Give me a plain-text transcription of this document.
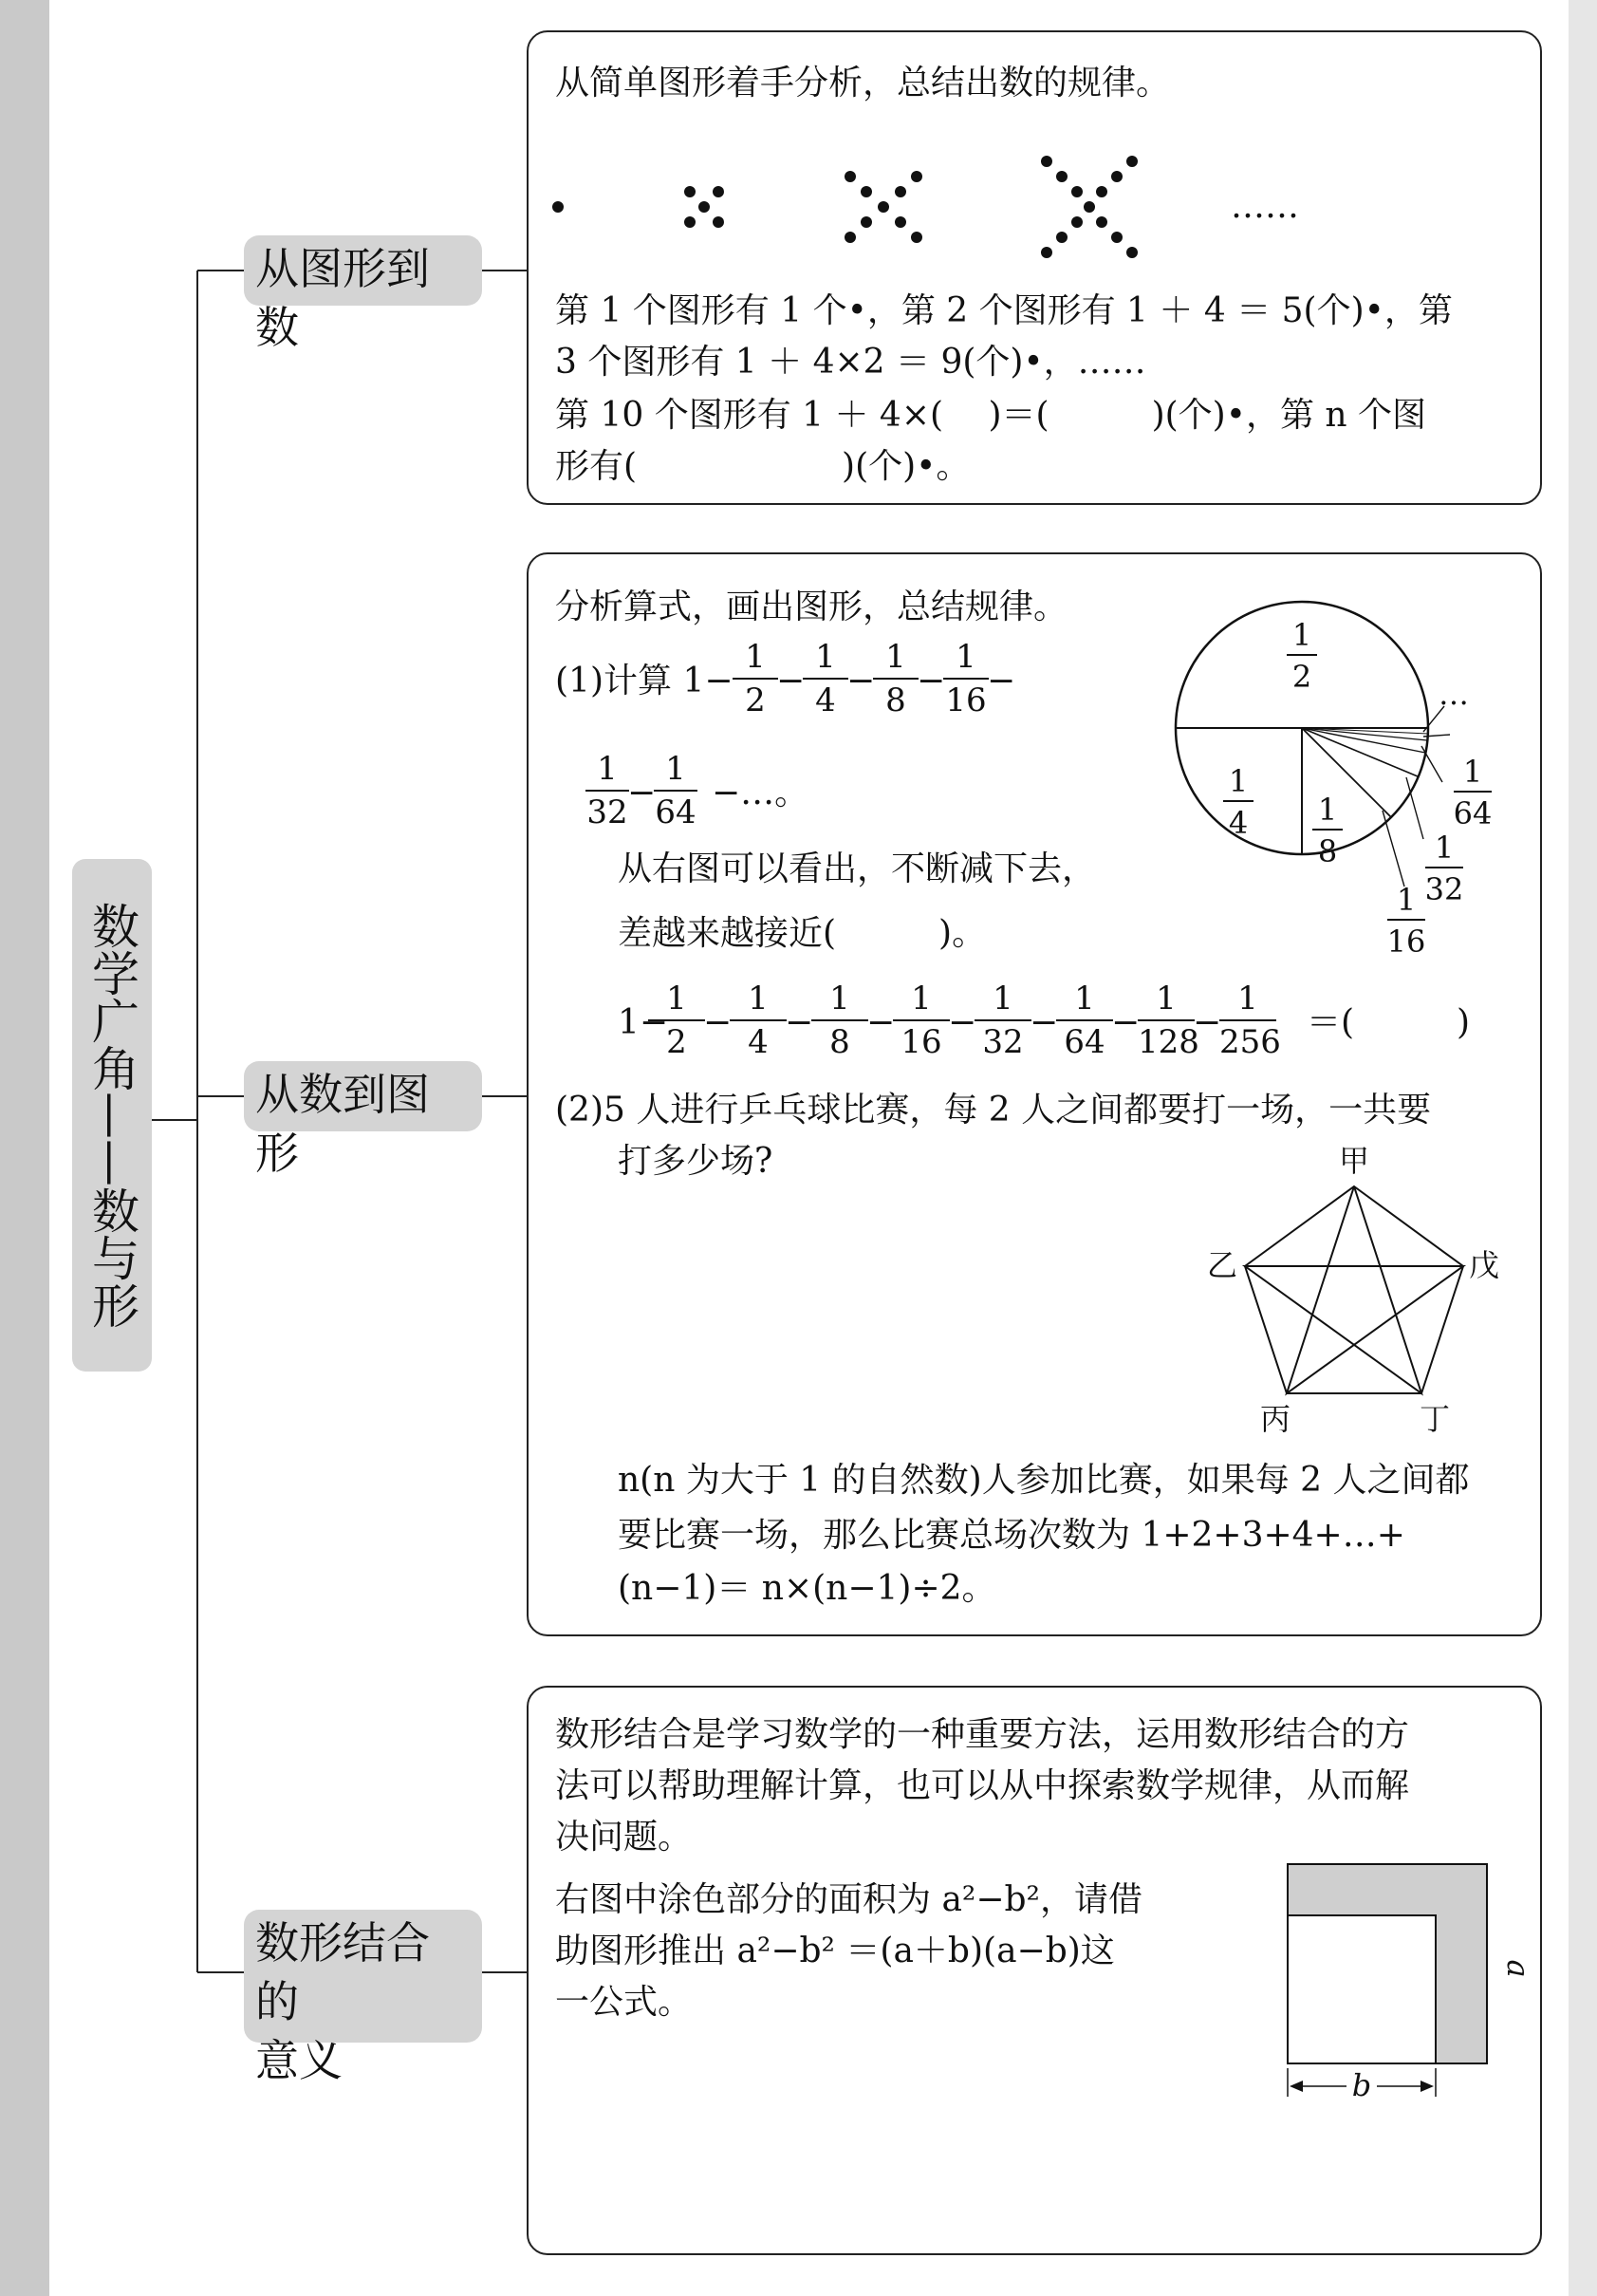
数学广角——数与形
从图形到数
从数到图形
数形结合的
意义
从简单图形着手分析，总结出数的规律。
……
第 1 个图形有 1 个•，第 2 个图形有 1 ＋ 4 ＝ 5(个)•，第
3 个图形有 1 ＋ 4×2 ＝ 9(个)•，……
第 10 个图形有 1 ＋ 4×(　 )＝(　　　)(个)•，第 n 个图
形有(　　　　　　)(个)•。
分析算式，画出图形，总结规律。
(1)计算 1−
1
2 −
1
4 −
1
8 −
1
16 −
1
32 −
1
64 −…。
从右图可以看出，不断减下去，
差越来越接近(　　　)。
1−
1
2 −
1
4 −
1
8 −
1
16 −
1
32 −
1
64 −
1
128
−
1
256 ＝(　　　)
1
2
1
4 1
8
1
16
1
32
1
64
…
(2)5 人进行乒乓球比赛，每 2 人之间都要打一场，一共要
打多少场?	甲
戊
丁
丙
乙
n(n 为大于 1 的自然数)人参加比赛，如果每 2 人之间都
要比赛一场，那么比赛总场次数为 1+2+3+4+…+
(n−1)＝ n×(n−1)÷2。
数形结合是学习数学的一种重要方法，运用数形结合的方
法可以帮助理解计算，也可以从中探索数学规律，从而解
决问题。
右图中涂色部分的面积为 a²−b²，请借
助图形推出 a²−b² ＝(a＋b)(a−b)这
一公式。
a
b
